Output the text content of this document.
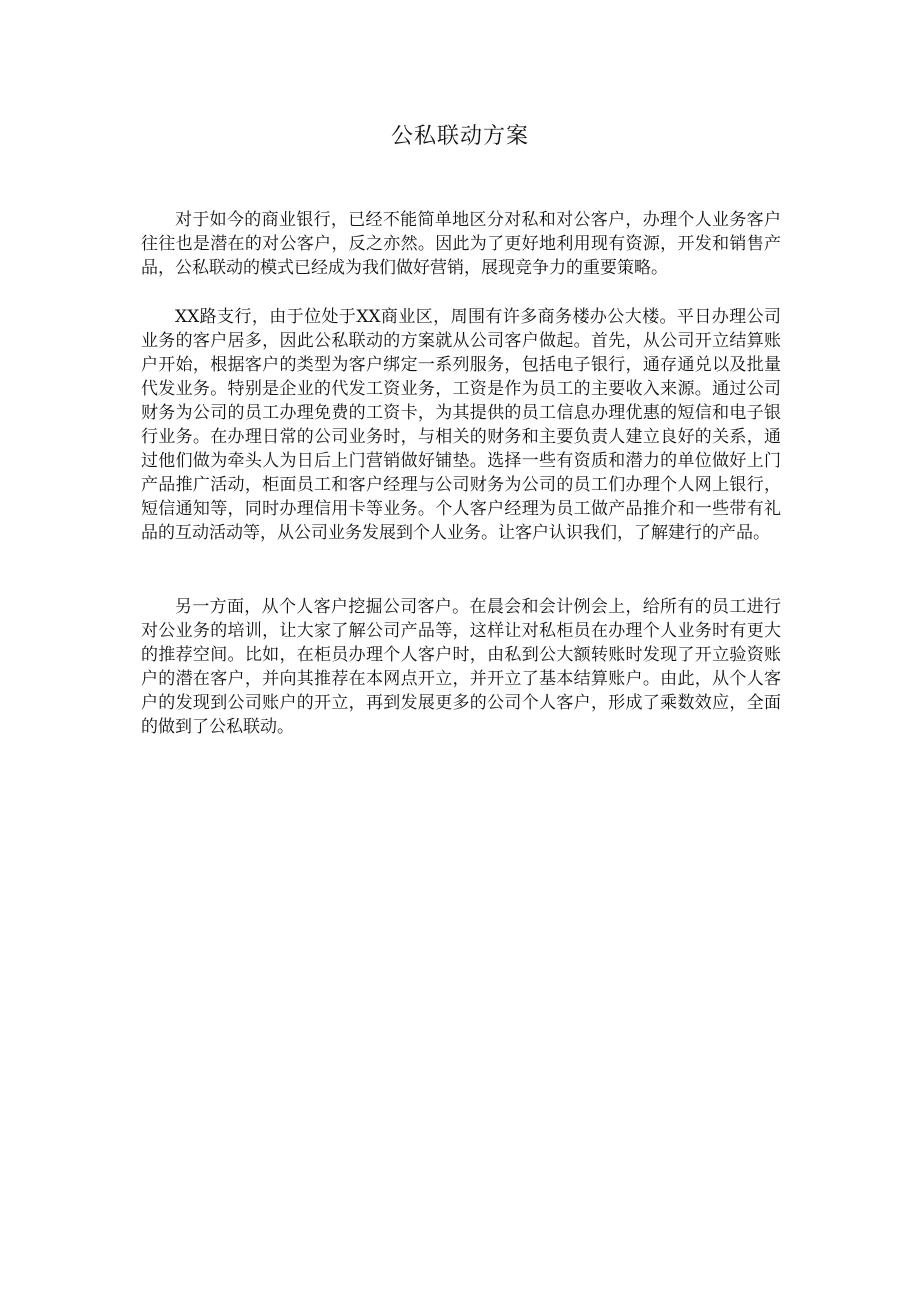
公私联动方案

对于如今的商业银行，已经不能简单地区分对私和对公客户，办理个人业务客户往往也是潜在的对公客户，反之亦然。因此为了更好地利用现有资源，开发和销售产品，公私联动的模式已经成为我们做好营销，展现竞争力的重要策略。

XX路支行，由于位处于XX商业区，周围有许多商务楼办公大楼。平日办理公司业务的客户居多，因此公私联动的方案就从公司客户做起。首先，从公司开立结算账户开始，根据客户的类型为客户绑定一系列服务，包括电子银行，通存通兑以及批量代发业务。特别是企业的代发工资业务，工资是作为员工的主要收入来源。通过公司财务为公司的员工办理免费的工资卡，为其提供的员工信息办理优惠的短信和电子银行业务。在办理日常的公司业务时，与相关的财务和主要负责人建立良好的关系，通过他们做为牵头人为日后上门营销做好铺垫。选择一些有资质和潜力的单位做好上门产品推广活动，柜面员工和客户经理与公司财务为公司的员工们办理个人网上银行，短信通知等，同时办理信用卡等业务。个人客户经理为员工做产品推介和一些带有礼品的互动活动等，从公司业务发展到个人业务。让客户认识我们，了解建行的产品。

另一方面，从个人客户挖掘公司客户。在晨会和会计例会上，给所有的员工进行对公业务的培训，让大家了解公司产品等，这样让对私柜员在办理个人业务时有更大的推荐空间。比如，在柜员办理个人客户时，由私到公大额转账时发现了开立验资账户的潜在客户，并向其推荐在本网点开立，并开立了基本结算账户。由此，从个人客户的发现到公司账户的开立，再到发展更多的公司个人客户，形成了乘数效应，全面的做到了公私联动。
